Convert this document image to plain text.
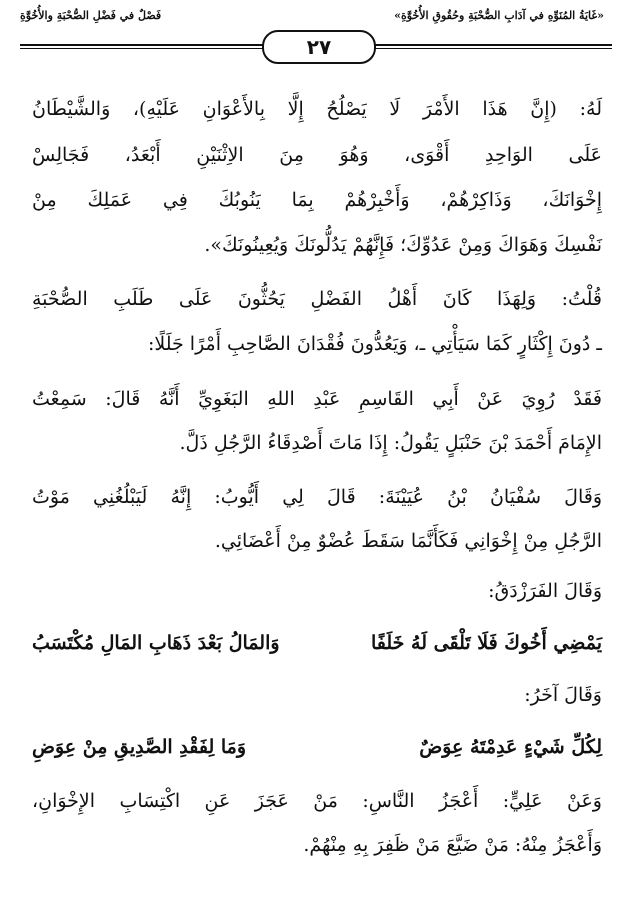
«غَايَةُ المُنَوِّهِ في آدَابِ الصُّحْبَةِ وحُقُوقِ الأُخُوَّةِ»
فَصْلٌ في فَضْلِ الصُّحْبَةِ والأُخُوَّةِ
٢٧
لَهُ: (إِنَّ هَذَا الأَمْرَ لَا يَصْلُحُ إِلَّا بِالأَعْوَانِ عَلَيْهِ)، وَالشَّيْطَانُ
عَلَى الوَاحِدِ أَقْوَى، وَهُوَ مِنَ الاِثْنَيْنِ أَبْعَدُ، فَجَالِسْ
إِخْوَانَكَ، وَذَاكِرْهُمْ، وَأَخْبِرْهُمْ بِمَا يَنُوبُكَ فِي عَمَلِكَ مِنْ
نَفْسِكَ وَهَوَاكَ وَمِنْ عَدُوِّكَ؛ فَإِنَّهُمْ يَدُلُّونَكَ وَيُعِينُونَكَ».
قُلْتُ: وَلِهَذَا كَانَ أَهْلُ الفَضْلِ يَحُثُّونَ عَلَى طَلَبِ الصُّحْبَةِ
ـ دُونَ إِكْثَارٍ كَمَا سَيَأْتِي ـ، وَيَعُدُّونَ فُقْدَانَ الصَّاحِبِ أَمْرًا جَلَلًا:
فَقَدْ رُوِيَ عَنْ أَبِي القَاسِمِ عَبْدِ اللهِ البَغَوِيِّ أَنَّهُ قَالَ: سَمِعْتُ
الإِمَامَ أَحْمَدَ بْنَ حَنْبَلٍ يَقُولُ: إِذَا مَاتَ أَصْدِقَاءُ الرَّجُلِ ذَلَّ.
وَقَالَ سُفْيَانُ بْنُ عُيَيْنَةَ: قَالَ لِي أَيُّوبُ: إِنَّهُ لَيَبْلُغُنِي مَوْتُ
الرَّجُلِ مِنْ إِخْوَانِي فَكَأَنَّمَا سَقَطَ عُضْوٌ مِنْ أَعْضَائِي.
وَقَالَ الفَرَزْدَقُ:
يَمْضِي أَخُوكَ فَلَا تَلْقَى لَهُ خَلَفًا
وَالمَالُ بَعْدَ ذَهَابِ المَالِ مُكْتَسَبُ
وَقَالَ آخَرُ:
لِكُلِّ شَيْءٍ عَدِمْتَهُ عِوَضٌ
وَمَا لِفَقْدِ الصَّدِيقِ مِنْ عِوَضِ
وَعَنْ عَلِيٍّ: أَعْجَزُ النَّاسِ: مَنْ عَجَزَ عَنِ اكْتِسَابِ الإِخْوَانِ،
وَأَعْجَزُ مِنْهُ: مَنْ ضَيَّعَ مَنْ ظَفِرَ بِهِ مِنْهُمْ.
